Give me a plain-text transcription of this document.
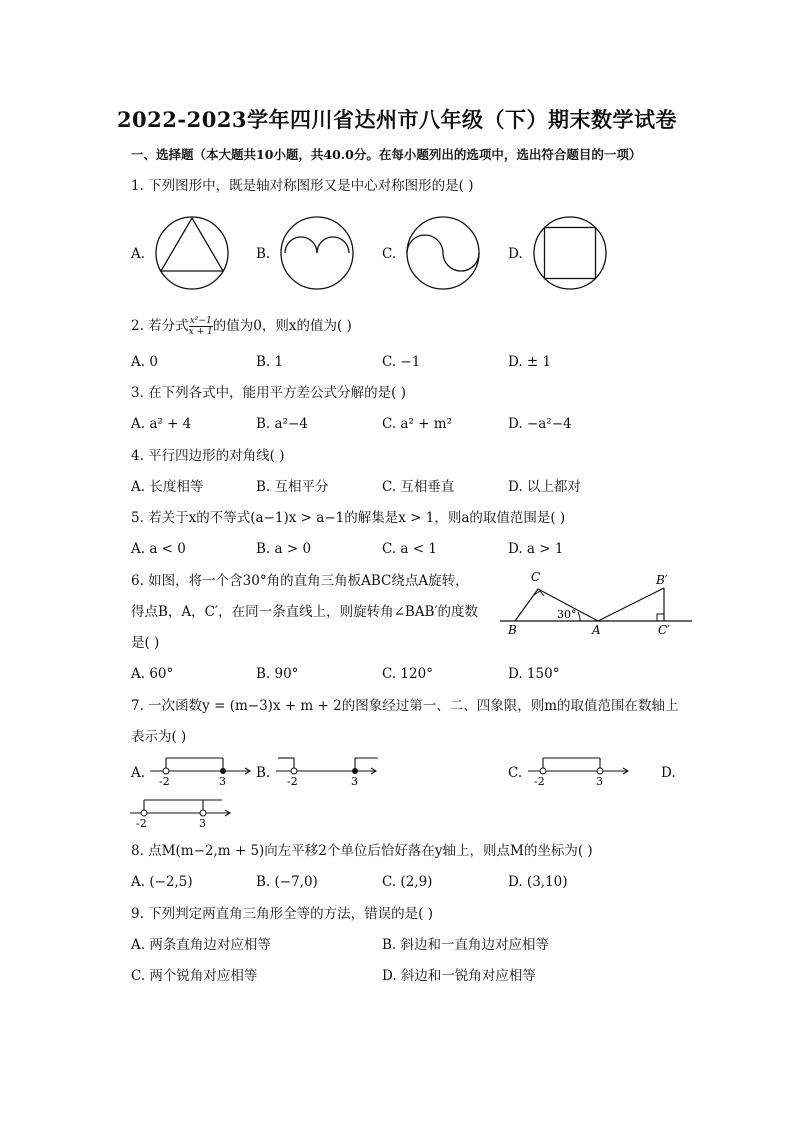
2022-2023学年四川省达州市八年级（下）期末数学试卷
一、选择题（本大题共10小题，共40.0分。在每小题列出的选项中，选出符合题目的一项）
1. 下列图形中，既是轴对称图形又是中心对称图形的是( )
A.	B.	C.	D.
2. 若分式 $\frac{\text{x²−1}}{x + 1}$ 的值为0，则x的值为( )
A. 0	B. 1	C. −1	D. ± 1
3. 在下列各式中，能用平方差公式分解的是( )
A. a² + 4	B. a²−4	C. a² + m²	D. −a²−4
4. 平行四边形的对角线( )
A. 长度相等	B. 互相平分	C. 互相垂直	D. 以上都对
5. 若关于x的不等式(a−1)x > a−1的解集是x > 1，则a的取值范围是( )
A. a < 0	B. a > 0	C. a < 1	D. a > 1
6. 如图，将一个含30°角的直角三角板ABC绕点A旋转，
得点B，A，C′，在同一条直线上，则旋转角∠BAB′的度数
是( )
C	B′
30°
B	A	C′
A. 60°	B. 90°	C. 120°	D. 150°
7. 一次函数y = (m−3)x + m + 2的图象经过第一、二、四象限，则m的取值范围在数轴上
表示为( )
A.	B.	C.	D.
-2	3	-2	3	-2	3
-2	3
8. 点M(m−2,m + 5)向左平移2个单位后恰好落在y轴上，则点M的坐标为( )
A. (−2,5)	B. (−7,0)	C. (2,9)	D. (3,10)
9. 下列判定两直角三角形全等的方法，错误的是( )
A. 两条直角边对应相等	B. 斜边和一直角边对应相等
C. 两个锐角对应相等	D. 斜边和一锐角对应相等
